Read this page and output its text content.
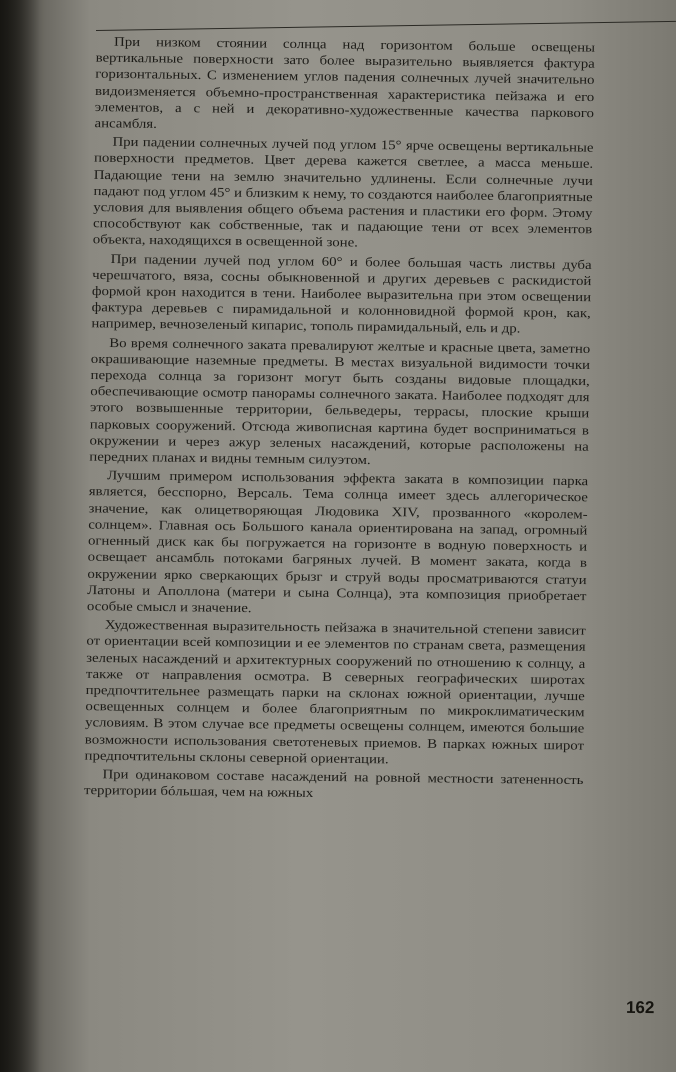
При низком стоянии солнца над горизонтом больше освещены вертикальные поверхности зато более выразительно выявляется фактура горизонтальных. С изменением углов падения солнечных лучей значительно видоизменяется объемно-пространственная характеристика пейзажа и его элементов, а с ней и декоративно-художественные качества паркового ансамбля.

При падении солнечных лучей под углом 15° ярче освещены вертикальные поверхности предметов. Цвет дерева кажется светлее, а масса меньше. Падающие тени на землю значительно удлинены. Если солнечные лучи падают под углом 45° и близким к нему, то создаются наиболее благоприятные условия для выявления общего объема растения и пластики его форм. Этому способствуют как собственные, так и падающие тени от всех элементов объекта, находящихся в освещенной зоне.

При падении лучей под углом 60° и более большая часть листвы дуба черешчатого, вяза, сосны обыкновенной и других деревьев с раскидистой формой крон находится в тени. Наиболее выразительна при этом освещении фактура деревьев с пирамидальной и колонновидной формой крон, как, например, вечнозеленый кипарис, тополь пирамидальный, ель и др.

Во время солнечного заката превалируют желтые и красные цвета, заметно окрашивающие наземные предметы. В местах визуальной видимости точки перехода солнца за горизонт могут быть созданы видовые площадки, обеспечивающие осмотр панорамы солнечного заката. Наиболее подходят для этого возвышенные территории, бельведеры, террасы, плоские крыши парковых сооружений. Отсюда живописная картина будет восприниматься в окружении и через ажур зеленых насаждений, которые расположены на передних планах и видны темным силуэтом.

Лучшим примером использования эффекта заката в композиции парка является, бесспорно, Версаль. Тема солнца имеет здесь аллегорическое значение, как олицетворяющая Людовика XIV, прозванного «королем-солнцем». Главная ось Большого канала ориентирована на запад, огромный огненный диск как бы погружается на горизонте в водную поверхность и освещает ансамбль потоками багряных лучей. В момент заката, когда в окружении ярко сверкающих брызг и струй воды просматриваются статуи Латоны и Аполлона (матери и сына Солнца), эта композиция приобретает особые смысл и значение.

Художественная выразительность пейзажа в значительной степени зависит от ориентации всей композиции и ее элементов по странам света, размещения зеленых насаждений и архитектурных сооружений по отношению к солнцу, а также от направления осмотра. В северных географических широтах предпочтительнее размещать парки на склонах южной ориентации, лучше освещенных солнцем и более благоприятным по микроклиматическим условиям. В этом случае все предметы освещены солнцем, имеются большие возможности использования светотеневых приемов. В парках южных широт предпочтительны склоны северной ориентации.

При одинаковом составе насаждений на ровной местности затененность территории бóльшая, чем на южных

162
